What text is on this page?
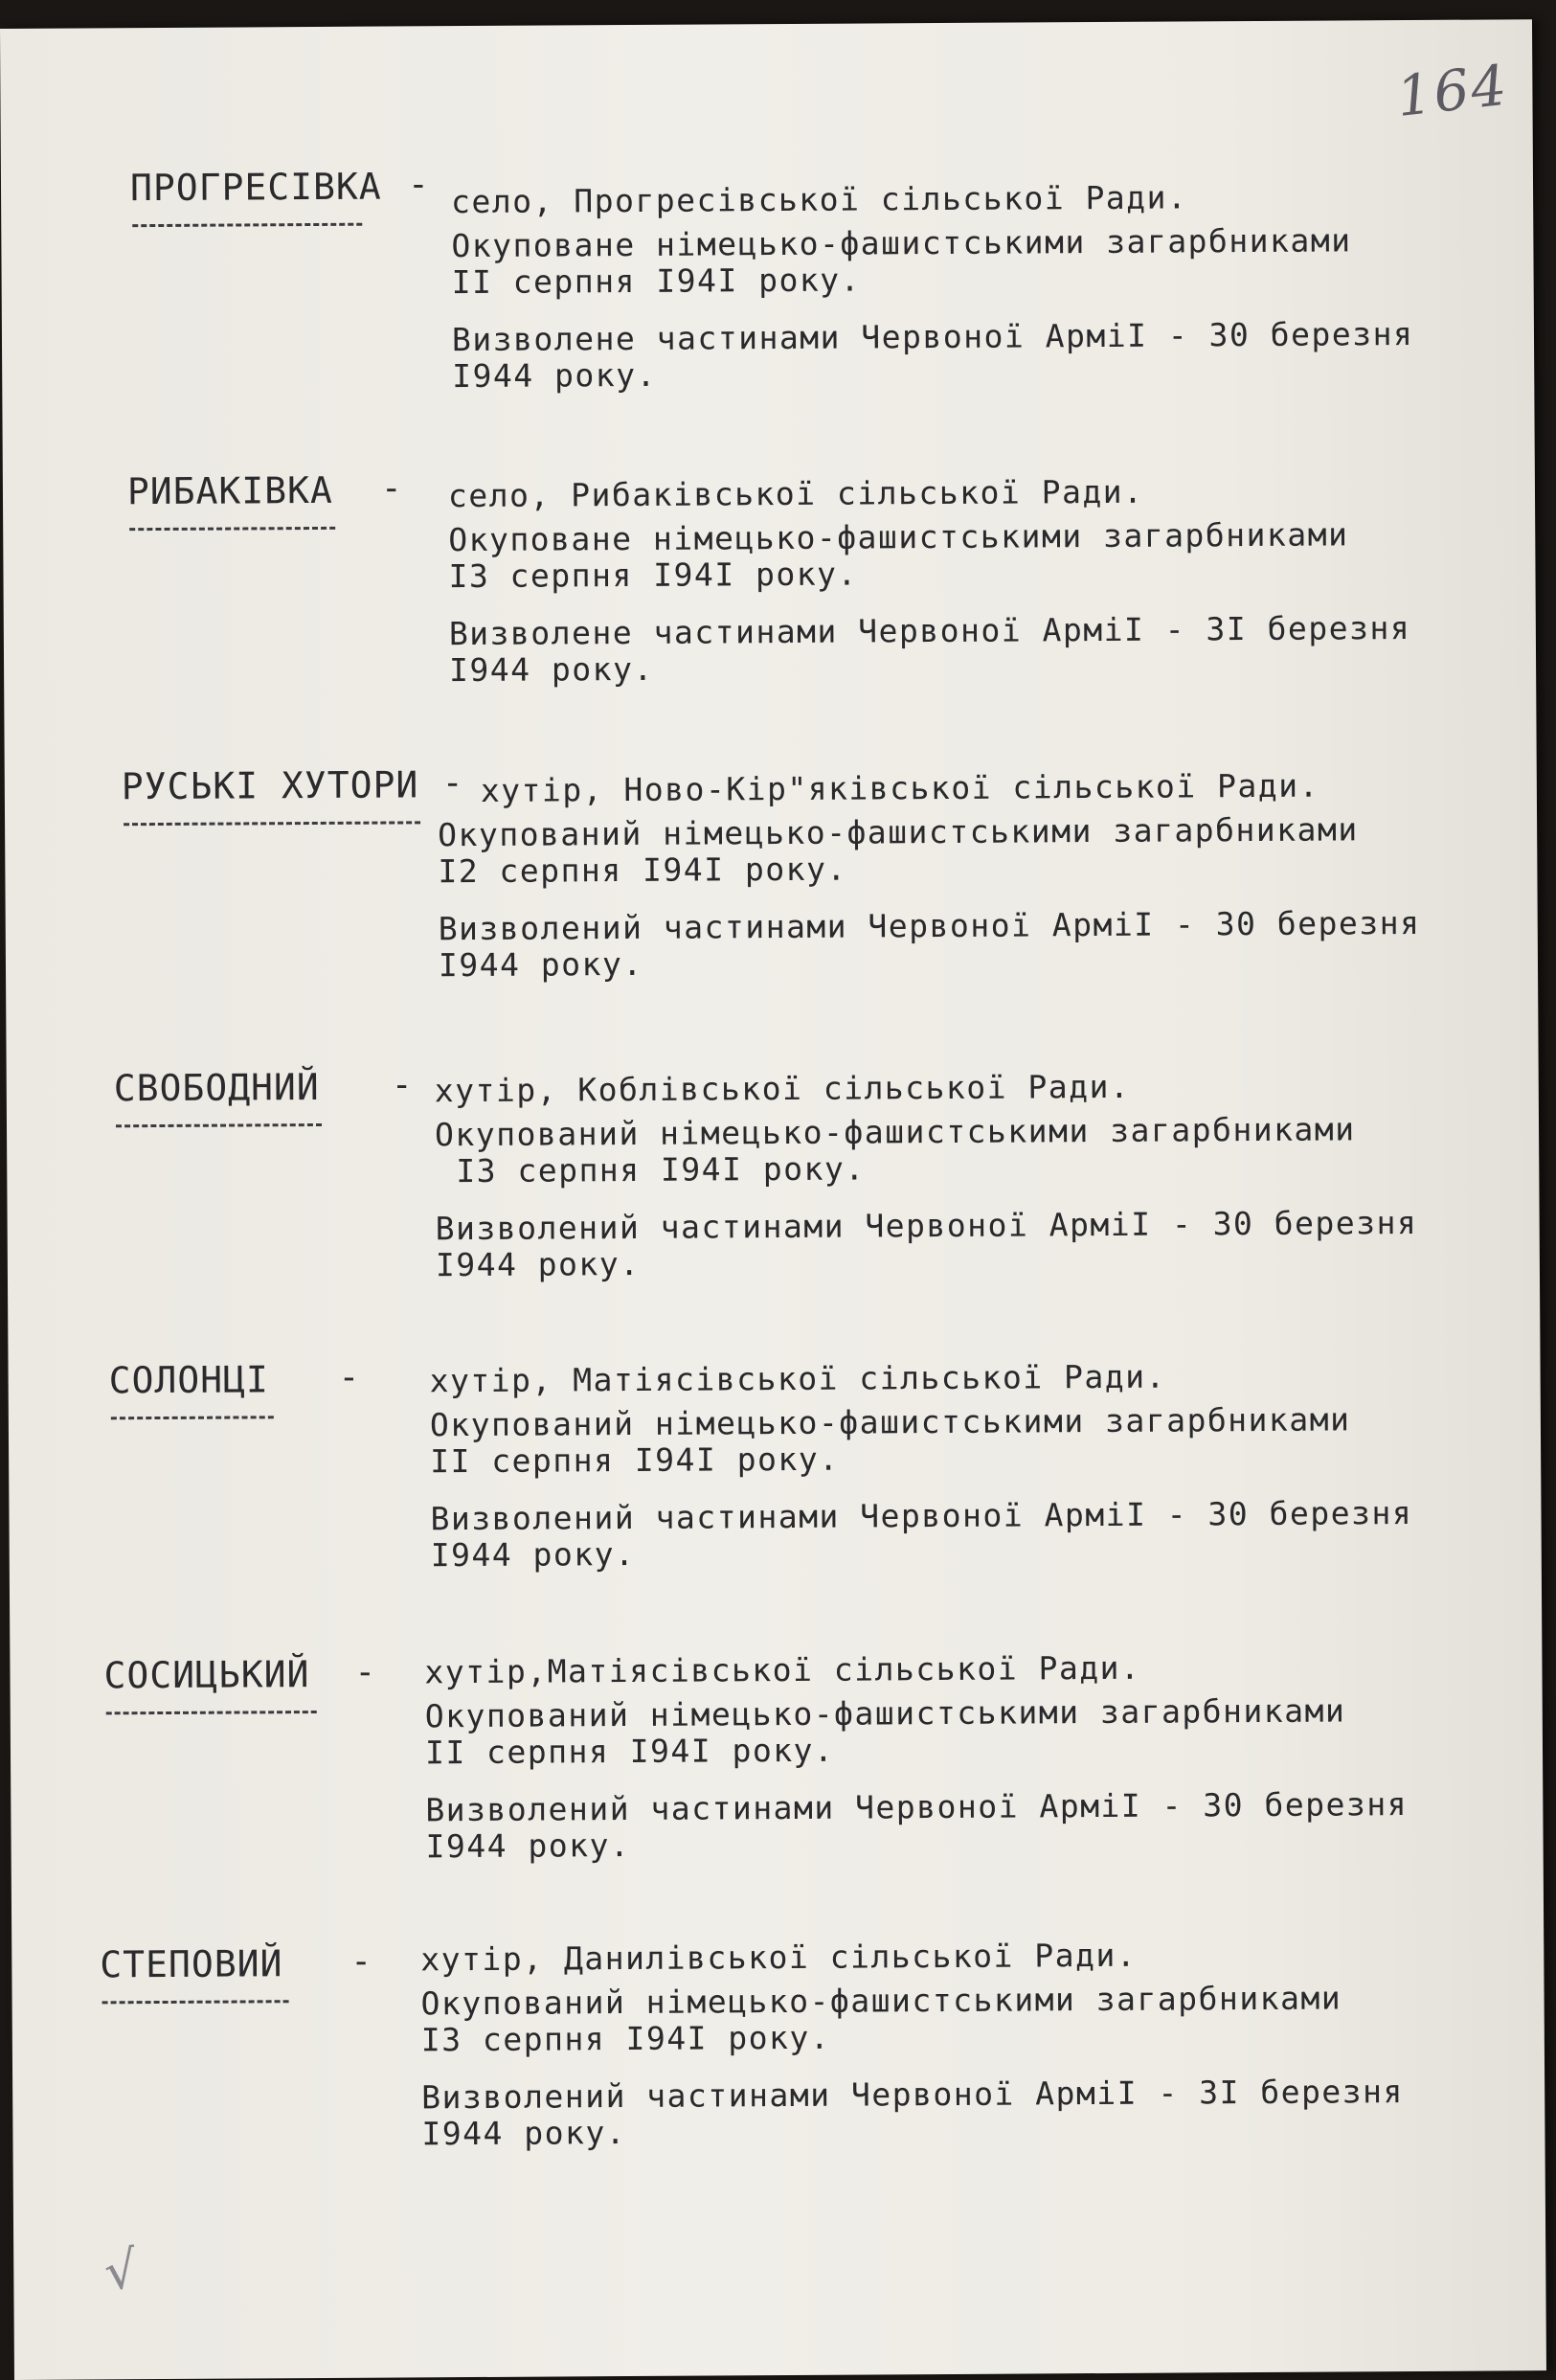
164
ПРОГРЕСІВКА - село, Прогресівської сільської Ради.
Окуповане німецько-фашистськими загарбниками
ІІ серпня І94І року.
Визволене частинами Червоної АрміІ - 30 березня
І944 року.
РИБАКІВКА - село, Рибаківської сільської Ради.
Окуповане німецько-фашистськими загарбниками
І3 серпня І94І року.
Визволене частинами Червоної АрміІ - 3І березня
І944 року.
РУСЬКІ ХУТОРИ - хутір, Ново-Кір"яківської сільської Ради.
Окупований німецько-фашистськими загарбниками
І2 серпня І94І року.
Визволений частинами Червоної АрміІ - 30 березня
І944 року.
СВОБОДНИЙ - хутір, Коблівської сільської Ради.
Окупований німецько-фашистськими загарбниками
І3 серпня І94І року.
Визволений частинами Червоної АрміІ - 30 березня
І944 року.
СОЛОНЦІ - хутір, Матіясівської сільської Ради.
Окупований німецько-фашистськими загарбниками
ІІ серпня І94І року.
Визволений частинами Червоної АрміІ - 30 березня
І944 року.
СОСИЦЬКИЙ - хутір,Матіясівської сільської Ради.
Окупований німецько-фашистськими загарбниками
ІІ серпня І94І року.
Визволений частинами Червоної АрміІ - 30 березня
І944 року.
СТЕПОВИЙ - хутір, Данилівської сільської Ради.
Окупований німецько-фашистськими загарбниками
І3 серпня І94І року.
Визволений частинами Червоної АрміІ - 3І березня
І944 року.
√
